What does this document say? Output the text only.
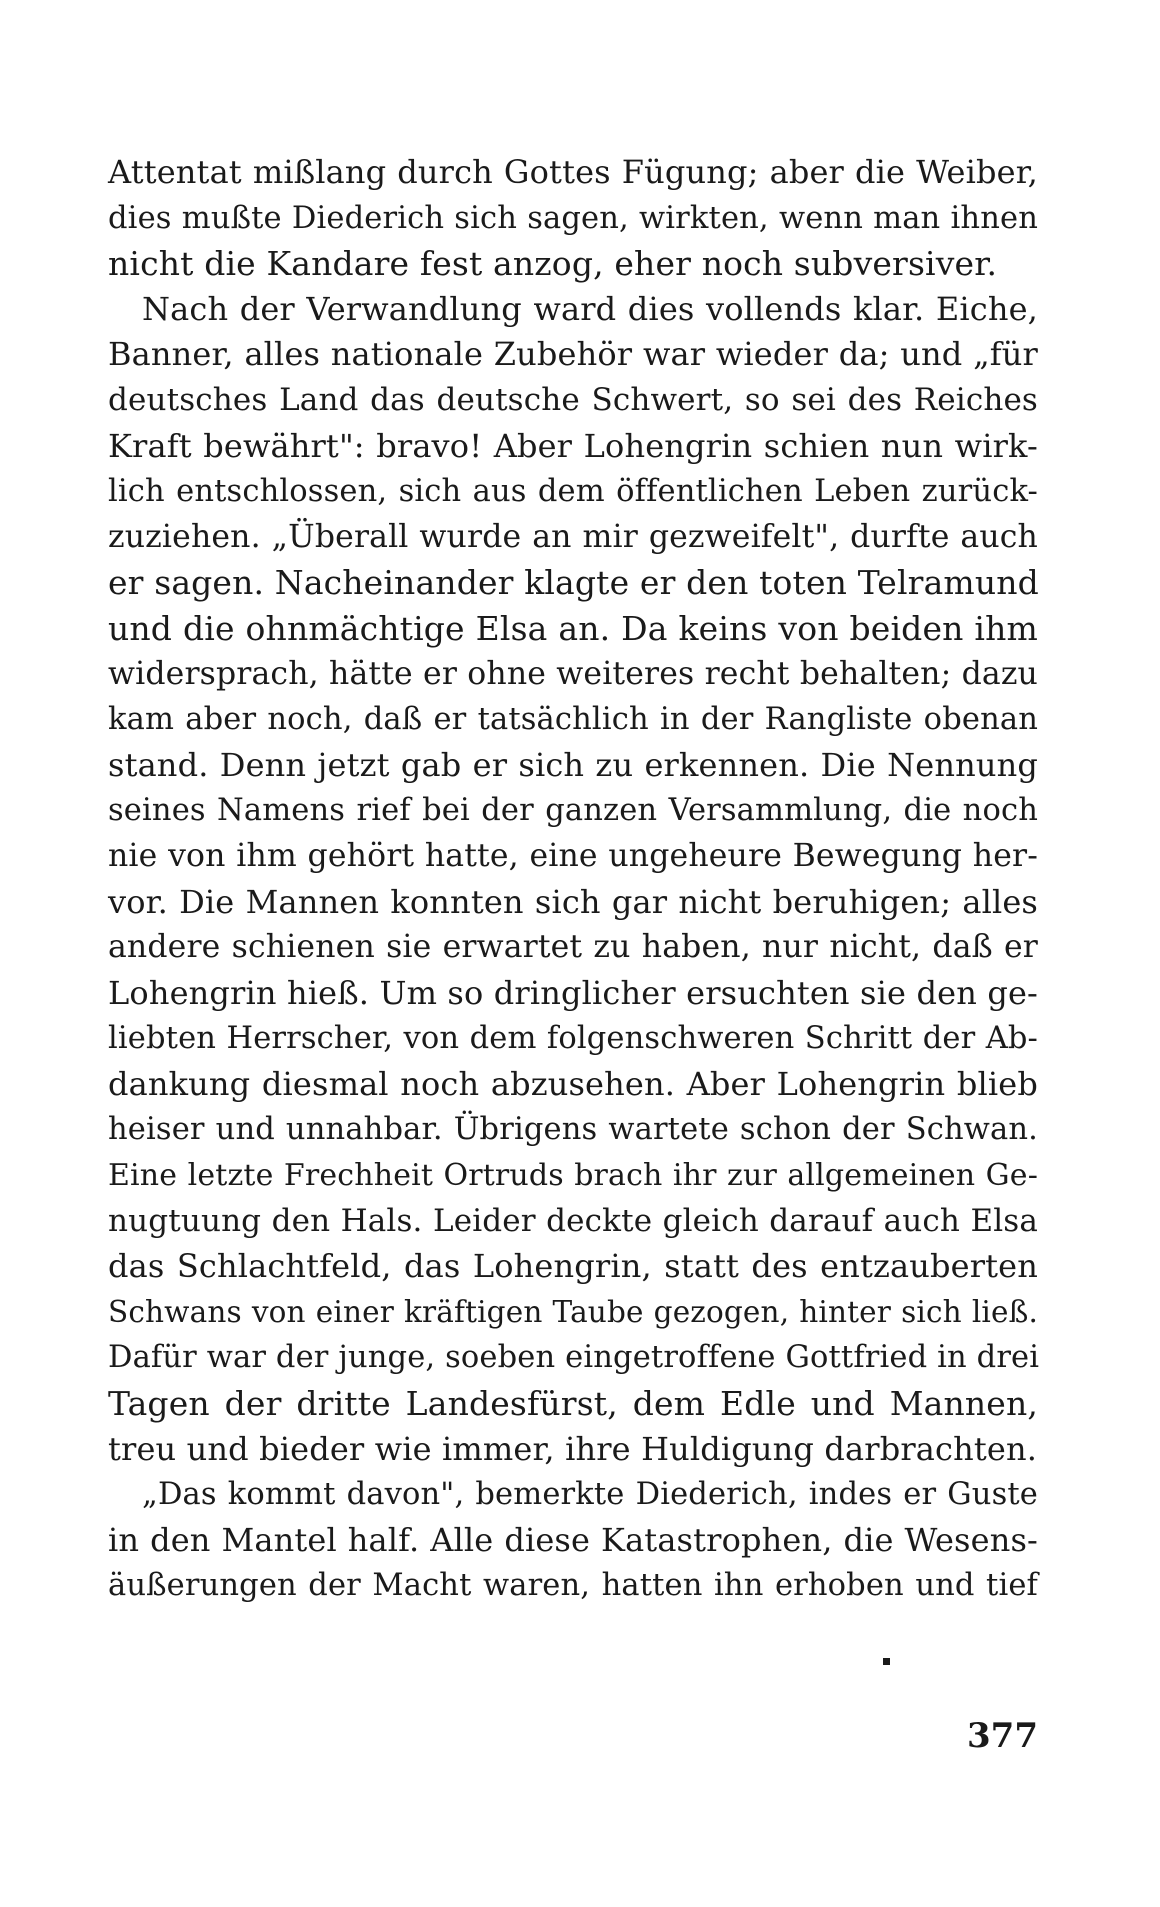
Attentat mißlang durch Gottes Fügung; aber die Weiber,
dies mußte Diederich sich sagen, wirkten, wenn man ihnen
nicht die Kandare fest anzog, eher noch subversiver.
Nach der Verwandlung ward dies vollends klar. Eiche,
Banner, alles nationale Zubehör war wieder da; und „für
deutsches Land das deutsche Schwert, so sei des Reiches
Kraft bewährt": bravo! Aber Lohengrin schien nun wirk-
lich entschlossen, sich aus dem öffentlichen Leben zurück-
zuziehen. „Überall wurde an mir gezweifelt", durfte auch
er sagen. Nacheinander klagte er den toten Telramund
und die ohnmächtige Elsa an. Da keins von beiden ihm
widersprach, hätte er ohne weiteres recht behalten; dazu
kam aber noch, daß er tatsächlich in der Rangliste obenan
stand. Denn jetzt gab er sich zu erkennen. Die Nennung
seines Namens rief bei der ganzen Versammlung, die noch
nie von ihm gehört hatte, eine ungeheure Bewegung her-
vor. Die Mannen konnten sich gar nicht beruhigen; alles
andere schienen sie erwartet zu haben, nur nicht, daß er
Lohengrin hieß. Um so dringlicher ersuchten sie den ge-
liebten Herrscher, von dem folgenschweren Schritt der Ab-
dankung diesmal noch abzusehen. Aber Lohengrin blieb
heiser und unnahbar. Übrigens wartete schon der Schwan.
Eine letzte Frechheit Ortruds brach ihr zur allgemeinen Ge-
nugtuung den Hals. Leider deckte gleich darauf auch Elsa
das Schlachtfeld, das Lohengrin, statt des entzauberten
Schwans von einer kräftigen Taube gezogen, hinter sich ließ.
Dafür war der junge, soeben eingetroffene Gottfried in drei
Tagen der dritte Landesfürst, dem Edle und Mannen,
treu und bieder wie immer, ihre Huldigung darbrachten.
„Das kommt davon", bemerkte Diederich, indes er Guste
in den Mantel half. Alle diese Katastrophen, die Wesens-
äußerungen der Macht waren, hatten ihn erhoben und tief
377
